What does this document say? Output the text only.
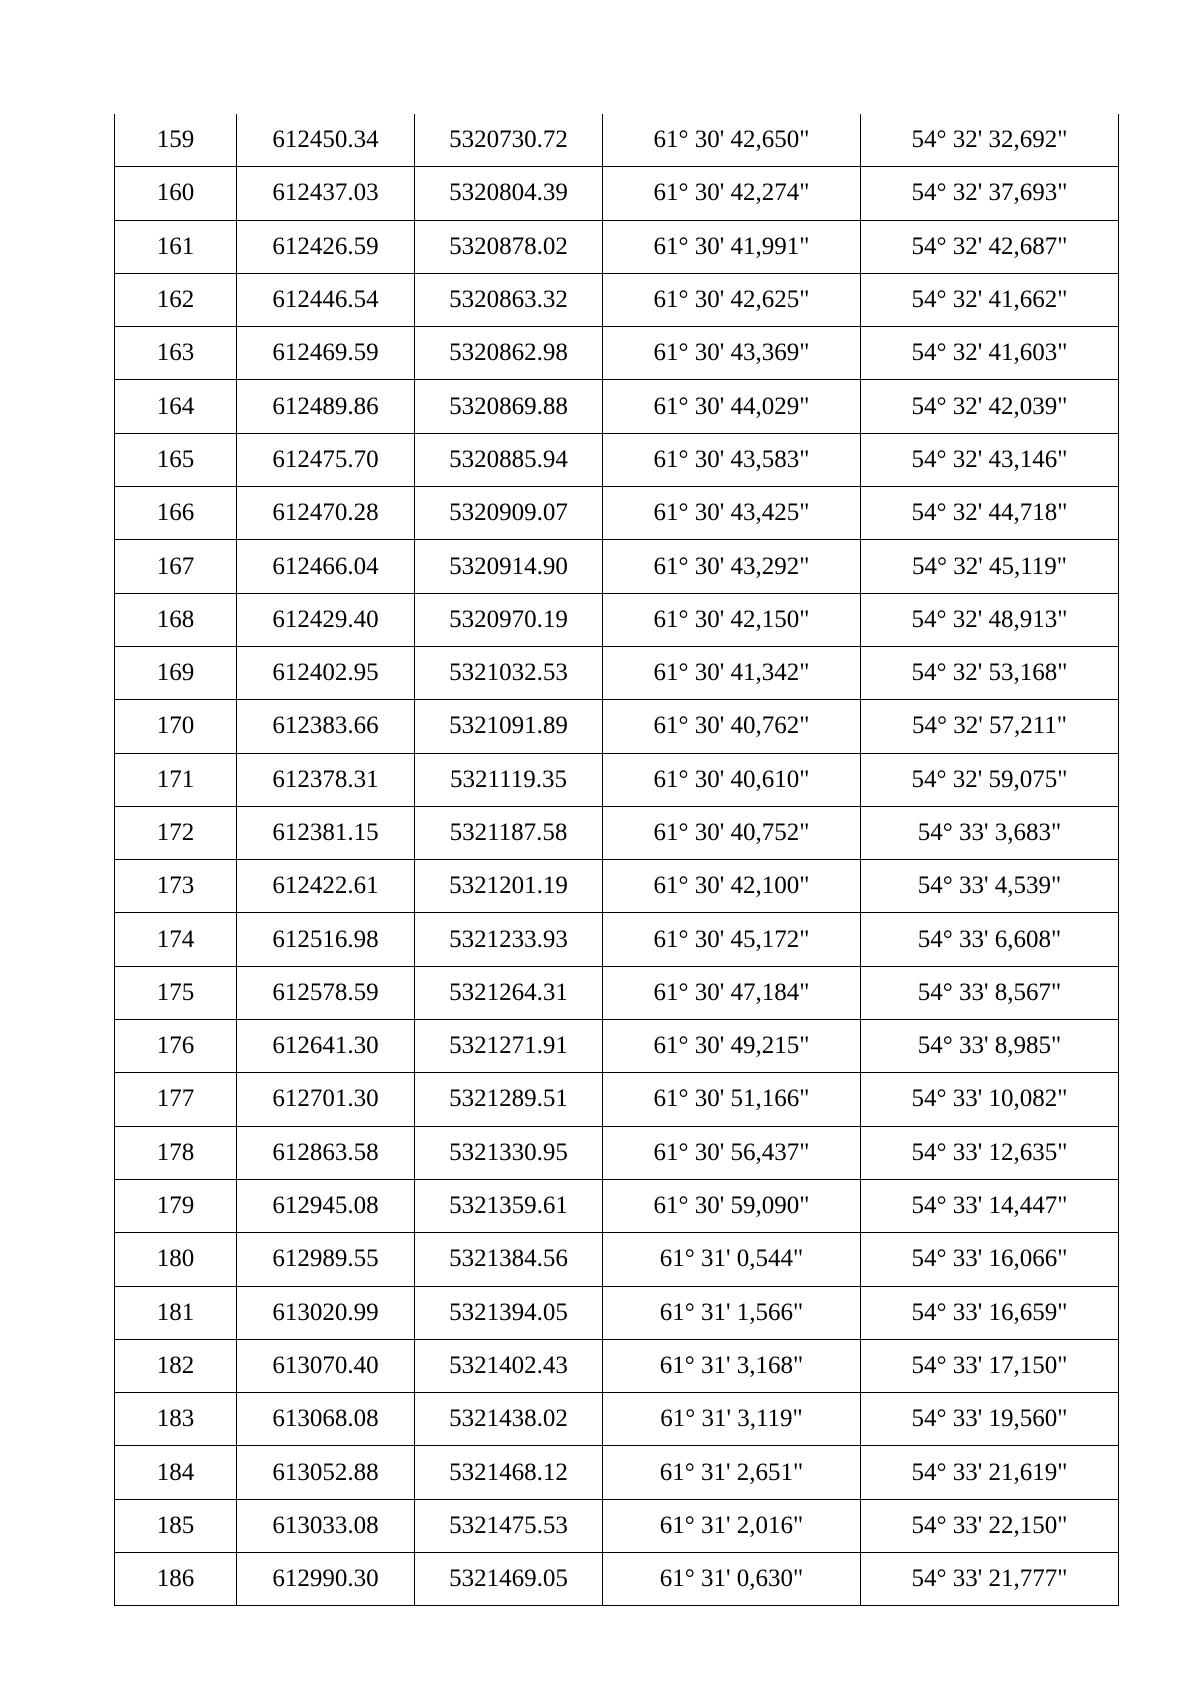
159	612450.34	5320730.72	61° 30' 42,650"	54° 32' 32,692"
160	612437.03	5320804.39	61° 30' 42,274"	54° 32' 37,693"
161	612426.59	5320878.02	61° 30' 41,991"	54° 32' 42,687"
162	612446.54	5320863.32	61° 30' 42,625"	54° 32' 41,662"
163	612469.59	5320862.98	61° 30' 43,369"	54° 32' 41,603"
164	612489.86	5320869.88	61° 30' 44,029"	54° 32' 42,039"
165	612475.70	5320885.94	61° 30' 43,583"	54° 32' 43,146"
166	612470.28	5320909.07	61° 30' 43,425"	54° 32' 44,718"
167	612466.04	5320914.90	61° 30' 43,292"	54° 32' 45,119"
168	612429.40	5320970.19	61° 30' 42,150"	54° 32' 48,913"
169	612402.95	5321032.53	61° 30' 41,342"	54° 32' 53,168"
170	612383.66	5321091.89	61° 30' 40,762"	54° 32' 57,211"
171	612378.31	5321119.35	61° 30' 40,610"	54° 32' 59,075"
172	612381.15	5321187.58	61° 30' 40,752"	54° 33' 3,683"
173	612422.61	5321201.19	61° 30' 42,100"	54° 33' 4,539"
174	612516.98	5321233.93	61° 30' 45,172"	54° 33' 6,608"
175	612578.59	5321264.31	61° 30' 47,184"	54° 33' 8,567"
176	612641.30	5321271.91	61° 30' 49,215"	54° 33' 8,985"
177	612701.30	5321289.51	61° 30' 51,166"	54° 33' 10,082"
178	612863.58	5321330.95	61° 30' 56,437"	54° 33' 12,635"
179	612945.08	5321359.61	61° 30' 59,090"	54° 33' 14,447"
180	612989.55	5321384.56	61° 31' 0,544"	54° 33' 16,066"
181	613020.99	5321394.05	61° 31' 1,566"	54° 33' 16,659"
182	613070.40	5321402.43	61° 31' 3,168"	54° 33' 17,150"
183	613068.08	5321438.02	61° 31' 3,119"	54° 33' 19,560"
184	613052.88	5321468.12	61° 31' 2,651"	54° 33' 21,619"
185	613033.08	5321475.53	61° 31' 2,016"	54° 33' 22,150"
186	612990.30	5321469.05	61° 31' 0,630"	54° 33' 21,777"
